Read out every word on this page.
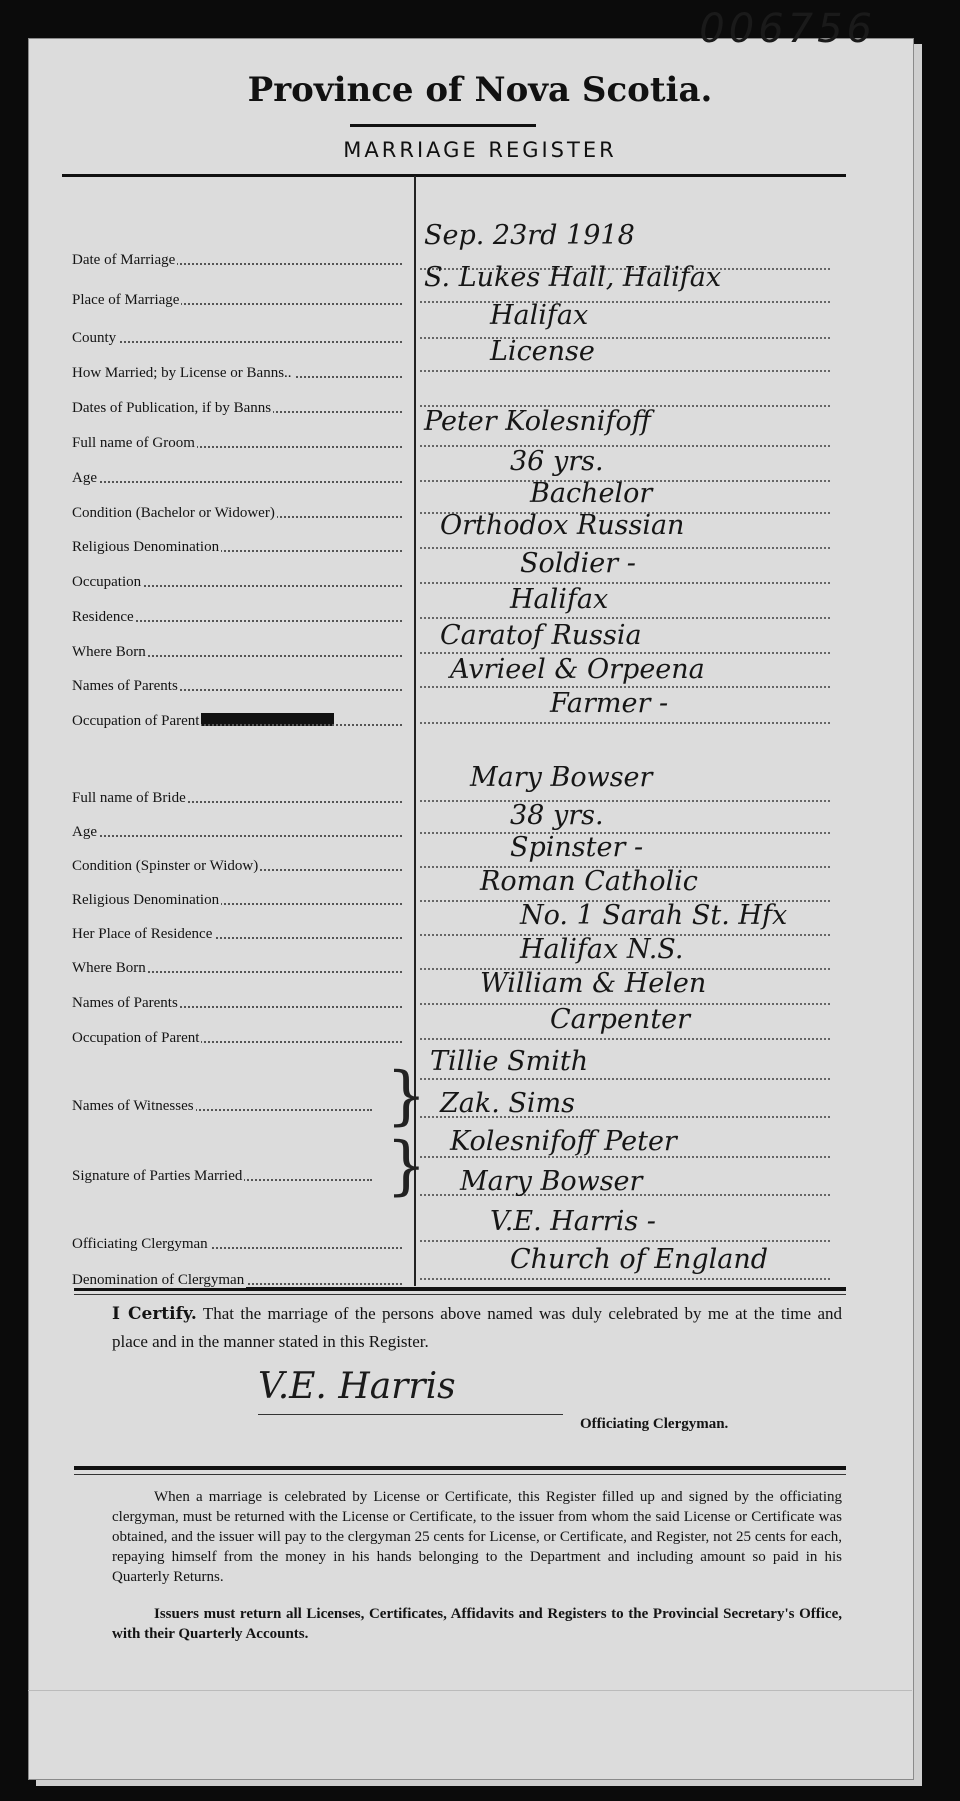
006756
Province of Nova Scotia.
MARRIAGE REGISTER
Date of Marriage
Sep. 23rd 1918
Place of Marriage
S. Lukes Hall, Halifax
County
Halifax
How Married; by License or Banns..
License
Dates of Publication, if by Banns
Full name of Groom
Peter Kolesnifoff
Age
36 yrs.
Condition (Bachelor or Widower)
Bachelor
Religious Denomination
Orthodox Russian
Occupation
Soldier -
Residence
Halifax
Where Born
Caratof Russia
Names of Parents
Avrieel & Orpeena
Occupation of Parent
Farmer -
Full name of Bride
Mary Bowser
Age
38 yrs.
Condition (Spinster or Widow)
Spinster -
Religious Denomination
Roman Catholic
Her Place of Residence
No. 1 Sarah St. Hfx
Where Born
Halifax N.S.
Names of Parents
William & Helen
Occupation of Parent
Carpenter
Names of Witnesses	} Tillie Smith
Zak. Sims
Signature of Parties Married	} Kolesnifoff Peter
Mary Bowser
Officiating Clergyman
V.E. Harris -
Denomination of Clergyman
Church of England
I Certify. That the marriage of the persons above named was duly celebrated by me at the time and place and in the manner stated in this Register.
V.E. Harris
Officiating Clergyman.
When a marriage is celebrated by License or Certificate, this Register filled up and signed by the officiating clergyman, must be returned with the License or Certificate, to the issuer from whom the said License or Certificate was obtained, and the issuer will pay to the clergyman 25 cents for License, or Certificate, and Register, not 25 cents for each, repaying himself from the money in his hands belonging to the Department and including amount so paid in his Quarterly Returns.
Issuers must return all Licenses, Certificates, Affidavits and Registers to the Provincial Secretary's Office, with their Quarterly Accounts.
